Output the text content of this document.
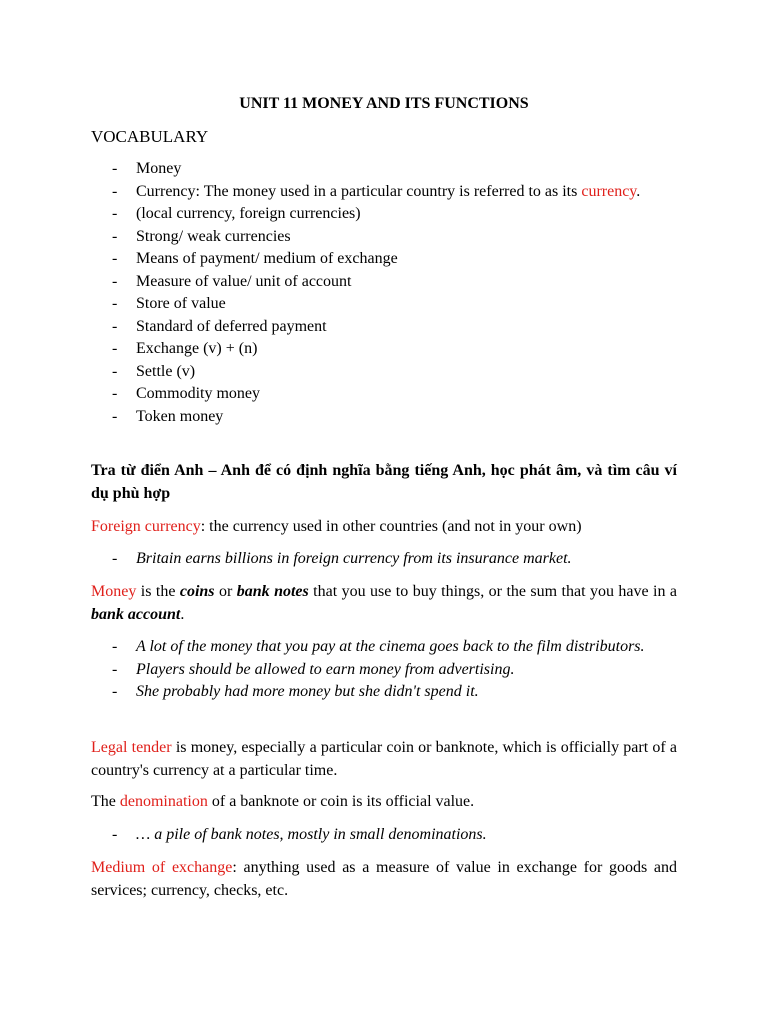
UNIT 11 MONEY AND ITS FUNCTIONS
VOCABULARY
- Money
- Currency: The money used in a particular country is referred to as its currency.
- (local currency, foreign currencies)
- Strong/ weak currencies
- Means of payment/ medium of exchange
- Measure of value/ unit of account
- Store of value
- Standard of deferred payment
- Exchange (v) + (n)
- Settle (v)
- Commodity money
- Token money
Tra từ điển Anh – Anh để có định nghĩa bằng tiếng Anh, học phát âm, và tìm câu ví dụ phù hợp
Foreign currency: the currency used in other countries (and not in your own)
- Britain earns billions in foreign currency from its insurance market.
Money is the coins or bank notes that you use to buy things, or the sum that you have in a bank account.
- A lot of the money that you pay at the cinema goes back to the film distributors.
- Players should be allowed to earn money from advertising.
- She probably had more money but she didn't spend it.
Legal tender is money, especially a particular coin or banknote, which is officially part of a country's currency at a particular time.
The denomination of a banknote or coin is its official value.
- … a pile of bank notes, mostly in small denominations.
Medium of exchange: anything used as a measure of value in exchange for goods and services; currency, checks, etc.
